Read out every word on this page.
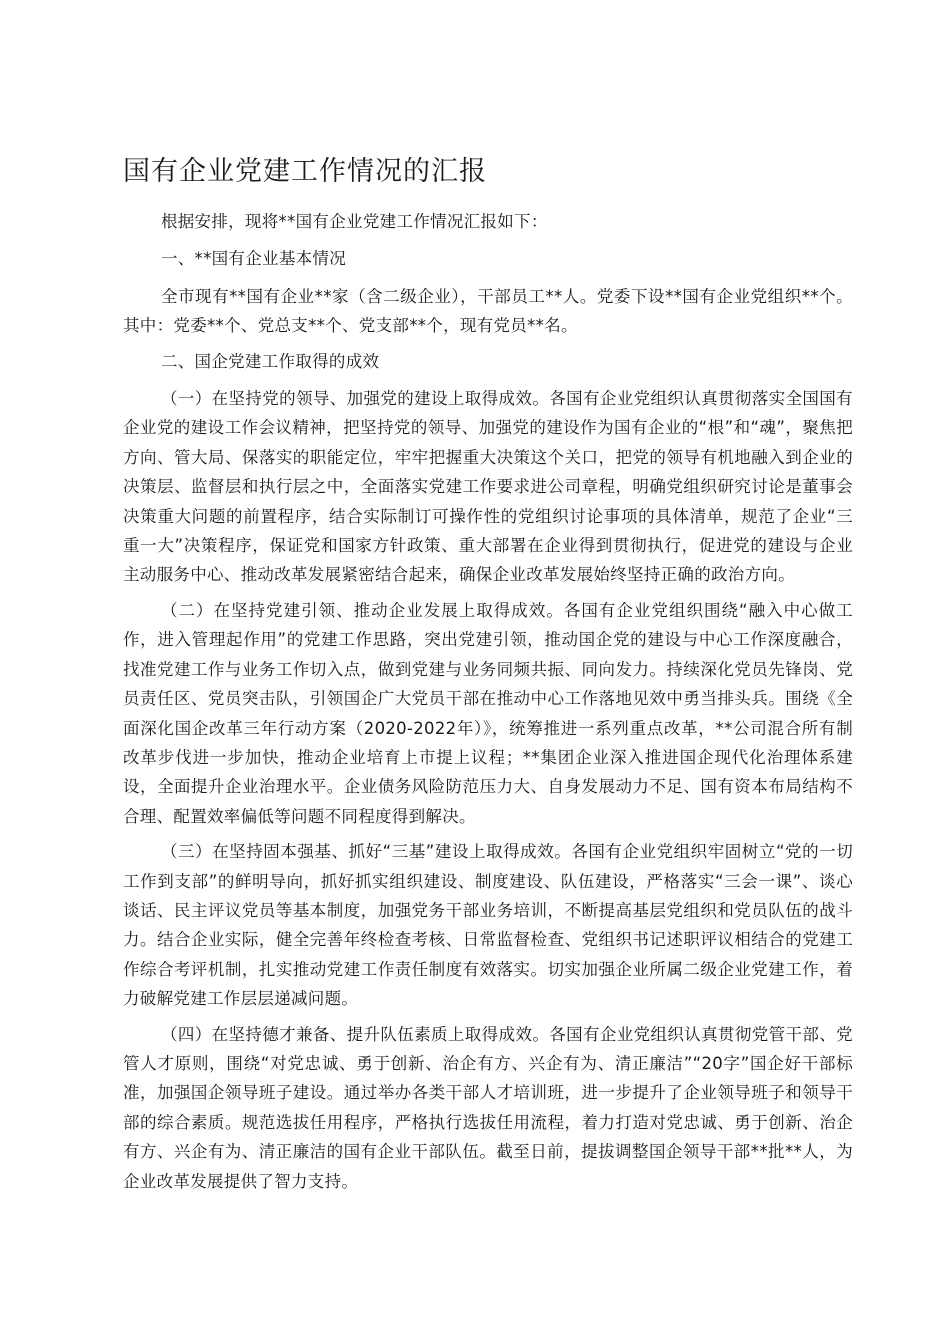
国有企业党建工作情况的汇报

根据安排，现将**国有企业党建工作情况汇报如下：

一、**国有企业基本情况

全市现有**国有企业**家（含二级企业），干部员工**人。党委下设**国有企业党组织**个。其中：党委**个、党总支**个、党支部**个，现有党员**名。

二、国企党建工作取得的成效

（一）在坚持党的领导、加强党的建设上取得成效。各国有企业党组织认真贯彻落实全国国有企业党的建设工作会议精神，把坚持党的领导、加强党的建设作为国有企业的“根”和“魂”，聚焦把方向、管大局、保落实的职能定位，牢牢把握重大决策这个关口，把党的领导有机地融入到企业的决策层、监督层和执行层之中，全面落实党建工作要求进公司章程，明确党组织研究讨论是董事会决策重大问题的前置程序，结合实际制订可操作性的党组织讨论事项的具体清单，规范了企业“三重一大”决策程序，保证党和国家方针政策、重大部署在企业得到贯彻执行，促进党的建设与企业主动服务中心、推动改革发展紧密结合起来，确保企业改革发展始终坚持正确的政治方向。

（二）在坚持党建引领、推动企业发展上取得成效。各国有企业党组织围绕“融入中心做工作，进入管理起作用”的党建工作思路，突出党建引领，推动国企党的建设与中心工作深度融合，找准党建工作与业务工作切入点，做到党建与业务同频共振、同向发力。持续深化党员先锋岗、党员责任区、党员突击队，引领国企广大党员干部在推动中心工作落地见效中勇当排头兵。围绕《全面深化国企改革三年行动方案（2020-2022年）》，统筹推进一系列重点改革，**公司混合所有制改革步伐进一步加快，推动企业培育上市提上议程；**集团企业深入推进国企现代化治理体系建设，全面提升企业治理水平。企业债务风险防范压力大、自身发展动力不足、国有资本布局结构不合理、配置效率偏低等问题不同程度得到解决。

（三）在坚持固本强基、抓好“三基”建设上取得成效。各国有企业党组织牢固树立“党的一切工作到支部”的鲜明导向，抓好抓实组织建设、制度建设、队伍建设，严格落实“三会一课”、谈心谈话、民主评议党员等基本制度，加强党务干部业务培训，不断提高基层党组织和党员队伍的战斗力。结合企业实际，健全完善年终检查考核、日常监督检查、党组织书记述职评议相结合的党建工作综合考评机制，扎实推动党建工作责任制度有效落实。切实加强企业所属二级企业党建工作，着力破解党建工作层层递减问题。

（四）在坚持德才兼备、提升队伍素质上取得成效。各国有企业党组织认真贯彻党管干部、党管人才原则，围绕“对党忠诚、勇于创新、治企有方、兴企有为、清正廉洁”“20字”国企好干部标准，加强国企领导班子建设。通过举办各类干部人才培训班，进一步提升了企业领导班子和领导干部的综合素质。规范选拔任用程序，严格执行选拔任用流程，着力打造对党忠诚、勇于创新、治企有方、兴企有为、清正廉洁的国有企业干部队伍。截至日前，提拔调整国企领导干部**批**人，为企业改革发展提供了智力支持。
